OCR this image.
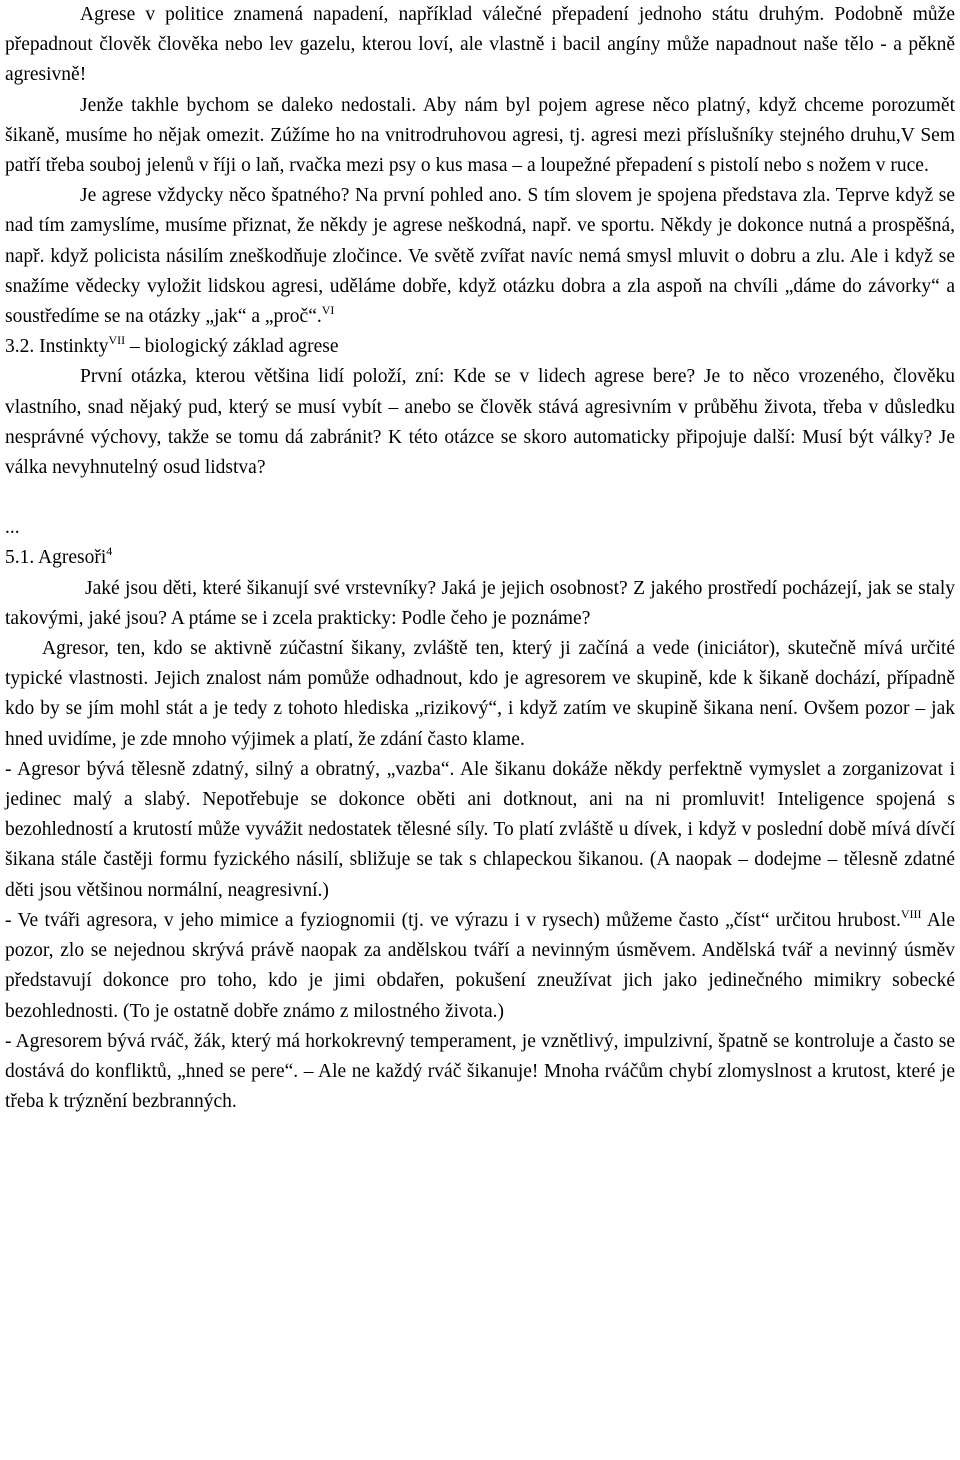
Agrese v politice znamená napadení, například válečné přepadení jednoho státu druhým. Podobně může přepadnout člověk člověka nebo lev gazelu, kterou loví, ale vlastně i bacil angíny může napadnout naše tělo - a pěkně agresivně!

Jenže takhle bychom se daleko nedostali. Aby nám byl pojem agrese něco platný, když chceme porozumět šikaně, musíme ho nějak omezit. Zúžíme ho na vnitrodruhovou agresi, tj. agresi mezi příslušníky stejného druhu,V Sem patří třeba souboj jelenů v říji o laň, rvačka mezi psy o kus masa – a loupežné přepadení s pistolí nebo s nožem v ruce.

Je agrese vždycky něco špatného? Na první pohled ano. S tím slovem je spojena představa zla. Teprve když se nad tím zamyslíme, musíme přiznat, že někdy je agrese neškodná, např. ve sportu. Někdy je dokonce nutná a prospěšná, např. když policista násilím zneškodňuje zločince. Ve světě zvířat navíc nemá smysl mluvit o dobru a zlu. Ale i když se snažíme vědecky vyložit lidskou agresi, uděláme dobře, když otázku dobra a zla aspoň na chvíli „dáme do závorky“ a soustředíme se na otázky „jak“ a „proč“.$^{VI}$

3.2. Instinkty$^{VII}$ – biologický základ agrese

První otázka, kterou většina lidí položí, zní: Kde se v lidech agrese bere? Je to něco vrozeného, člověku vlastního, snad nějaký pud, který se musí vybít – anebo se člověk stává agresivním v průběhu života, třeba v důsledku nesprávné výchovy, takže se tomu dá zabránit? K této otázce se skoro automaticky připojuje další: Musí být války? Je válka nevyhnutelný osud lidstva?

...

5.1. Agresoři$^4$

Jaké jsou děti, které šikanují své vrstevníky? Jaká je jejich osobnost? Z jakého prostředí pocházejí, jak se staly takovými, jaké jsou? A ptáme se i zcela prakticky: Podle čeho je poznáme?

Agresor, ten, kdo se aktivně zúčastní šikany, zvláště ten, který ji začíná a vede (iniciátor), skutečně mívá určité typické vlastnosti. Jejich znalost nám pomůže odhadnout, kdo je agresorem ve skupině, kde k šikaně dochází, případně kdo by se jím mohl stát a je tedy z tohoto hlediska „rizikový“, i když zatím ve skupině šikana není. Ovšem pozor – jak hned uvidíme, je zde mnoho výjimek a platí, že zdání často klame.

- Agresor bývá tělesně zdatný, silný a obratný, „vazba“. Ale šikanu dokáže někdy perfektně vymyslet a zorganizovat i jedinec malý a slabý. Nepotřebuje se dokonce oběti ani dotknout, ani na ni promluvit! Inteligence spojená s bezohledností a krutostí může vyvážit nedostatek tělesné síly. To platí zvláště u dívek, i když v poslední době mívá dívčí šikana stále častěji formu fyzického násilí, sbližuje se tak s chlapeckou šikanou. (A naopak – dodejme – tělesně zdatné děti jsou většinou normální, neagresivní.)

- Ve tváři agresora, v jeho mimice a fyziognomii (tj. ve výrazu i v rysech) můžeme často „číst“ určitou hrubost.$^{VIII}$ Ale pozor, zlo se nejednou skrývá právě naopak za andělskou tváří a nevinným úsměvem. Andělská tvář a nevinný úsměv představují dokonce pro toho, kdo je jimi obdařen, pokušení zneužívat jich jako jedinečného mimikry sobecké bezohlednosti. (To je ostatně dobře známo z milostného života.)

- Agresorem bývá rváč, žák, který má horkokrevný temperament, je vznětlivý, impulzivní, špatně se kontroluje a často se dostává do konfliktů, „hned se pere“. – Ale ne každý rváč šikanuje! Mnoha rváčům chybí zlomyslnost a krutost, které je třeba k trýznění bezbranných.
